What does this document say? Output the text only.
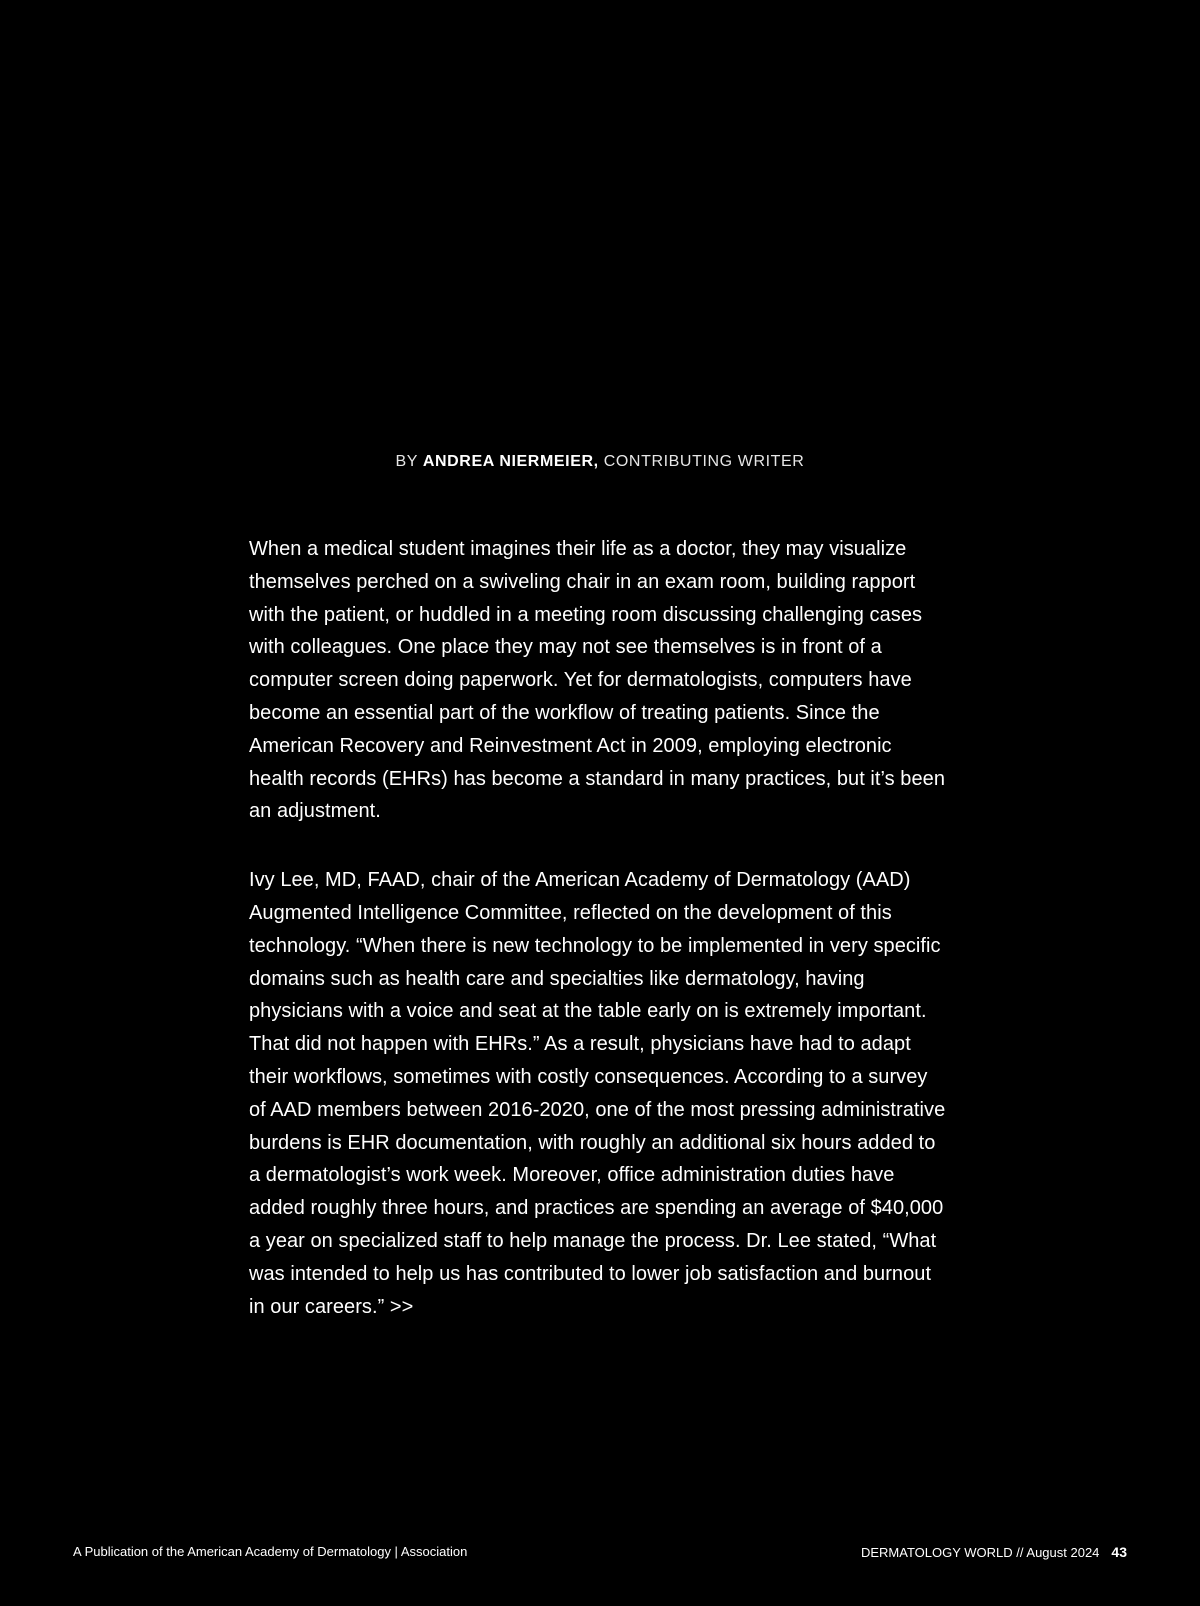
BY ANDREA NIERMEIER, CONTRIBUTING WRITER

When a medical student imagines their life as a doctor, they may visualize themselves perched on a swiveling chair in an exam room, building rapport with the patient, or huddled in a meeting room discussing challenging cases with colleagues. One place they may not see themselves is in front of a computer screen doing paperwork. Yet for dermatologists, computers have become an essential part of the workflow of treating patients. Since the American Recovery and Reinvestment Act in 2009, employing electronic health records (EHRs) has become a standard in many practices, but it’s been an adjustment.

Ivy Lee, MD, FAAD, chair of the American Academy of Dermatology (AAD) Augmented Intelligence Committee, reflected on the development of this technology. “When there is new technology to be implemented in very specific domains such as health care and specialties like dermatology, having physicians with a voice and seat at the table early on is extremely important. That did not happen with EHRs.” As a result, physicians have had to adapt their workflows, sometimes with costly consequences. According to a survey of AAD members between 2016-2020, one of the most pressing administrative burdens is EHR documentation, with roughly an additional six hours added to a dermatologist’s work week. Moreover, office administration duties have added roughly three hours, and practices are spending an average of $40,000 a year on specialized staff to help manage the process. Dr. Lee stated, “What was intended to help us has contributed to lower job satisfaction and burnout in our careers.” >>

A Publication of the American Academy of Dermatology | Association	DERMATOLOGY WORLD // August 2024 43
